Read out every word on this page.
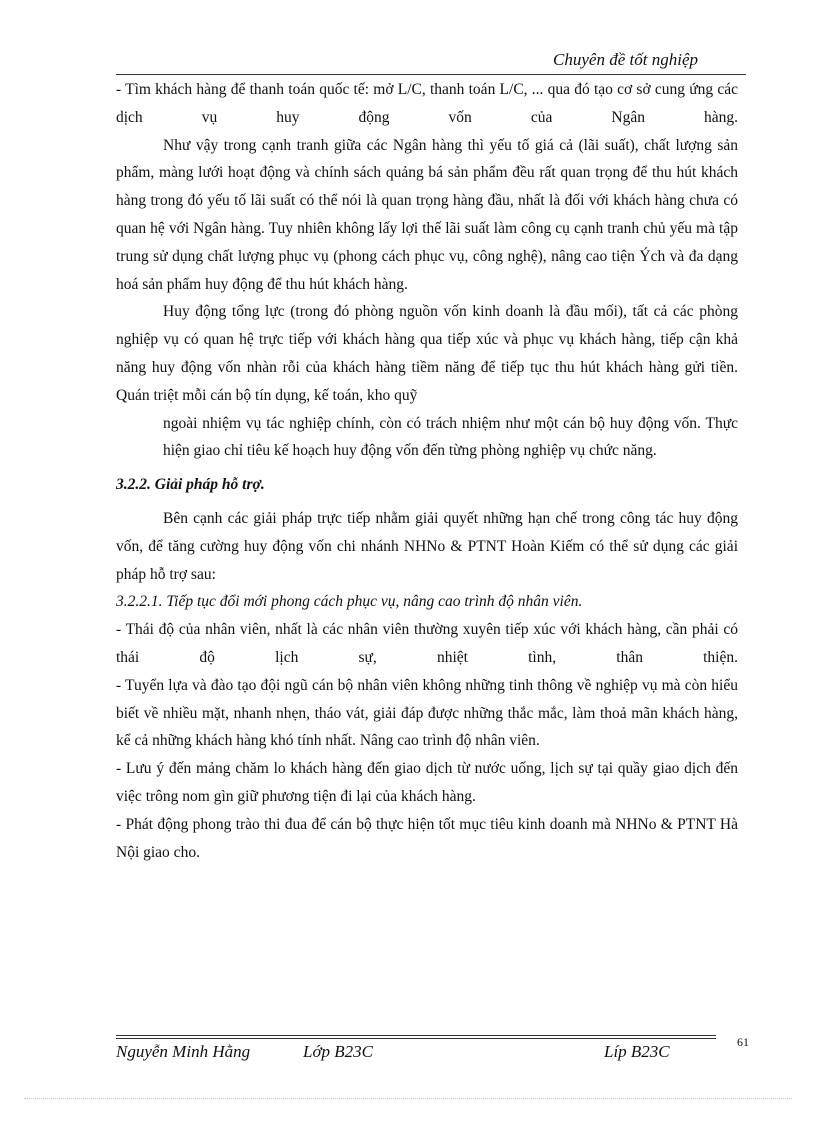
Chuyên đề tốt nghiệp

- Tìm khách hàng để thanh toán quốc tế: mở L/C, thanh toán L/C, ... qua đó tạo cơ sở cung ứng các dịch vụ huy động vốn của Ngân hàng.

Như vậy trong cạnh tranh giữa các Ngân hàng thì yếu tố giá cả (lãi suất), chất lượng sản phẩm, màng lưới hoạt động và chính sách quảng bá sản phẩm đều rất quan trọng để thu hút khách hàng trong đó yếu tố lãi suất có thể nói là quan trọng hàng đầu, nhất là đối với khách hàng chưa có quan hệ với Ngân hàng. Tuy nhiên không lấy lợi thế lãi suất làm công cụ cạnh tranh chủ yếu mà tập trung sử dụng chất lượng phục vụ (phong cách phục vụ, công nghệ), nâng cao tiện Ých và đa dạng hoá sản phẩm huy động để thu hút khách hàng.

Huy động tổng lực (trong đó phòng nguồn vốn kinh doanh là đầu mối), tất cả các phòng nghiệp vụ có quan hệ trực tiếp với khách hàng qua tiếp xúc và phục vụ khách hàng, tiếp cận khả năng huy động vốn nhàn rỗi của khách hàng tiềm năng để tiếp tục thu hút khách hàng gửi tiền. Quán triệt mỗi cán bộ tín dụng, kế toán, kho quỹ

ngoài nhiệm vụ tác nghiệp chính, còn có trách nhiệm như một cán bộ huy động vốn. Thực hiện giao chỉ tiêu kế hoạch huy động vốn đến từng phòng nghiệp vụ chức năng.

3.2.2. Giải pháp hỗ trợ.

Bên cạnh các giải pháp trực tiếp nhằm giải quyết những hạn chế trong công tác huy động vốn, để tăng cường huy động vốn chi nhánh NHNo & PTNT Hoàn Kiếm có thể sử dụng các giải pháp hỗ trợ sau:

3.2.2.1. Tiếp tục đổi mới phong cách phục vụ, nâng cao trình độ nhân viên.

- Thái độ của nhân viên, nhất là các nhân viên thường xuyên tiếp xúc với khách hàng, cần phải có thái độ lịch sự, nhiệt tình, thân thiện.

- Tuyển lựa và đào tạo đội ngũ cán bộ nhân viên không những tinh thông về nghiệp vụ mà còn hiểu biết về nhiều mặt, nhanh nhẹn, tháo vát, giải đáp được những thắc mắc, làm thoả mãn khách hàng, kể cả những khách hàng khó tính nhất. Nâng cao trình độ nhân viên.

- Lưu ý đến mảng chăm lo khách hàng đến giao dịch từ nước uống, lịch sự tại quầy giao dịch đến việc trông nom gìn giữ phương tiện đi lại của khách hàng.

- Phát động phong trào thi đua để cán bộ thực hiện tốt mục tiêu kinh doanh mà NHNo & PTNT Hà Nội giao cho.

61
Nguyễn Minh Hằng	Lớp B23C	Líp B23C
